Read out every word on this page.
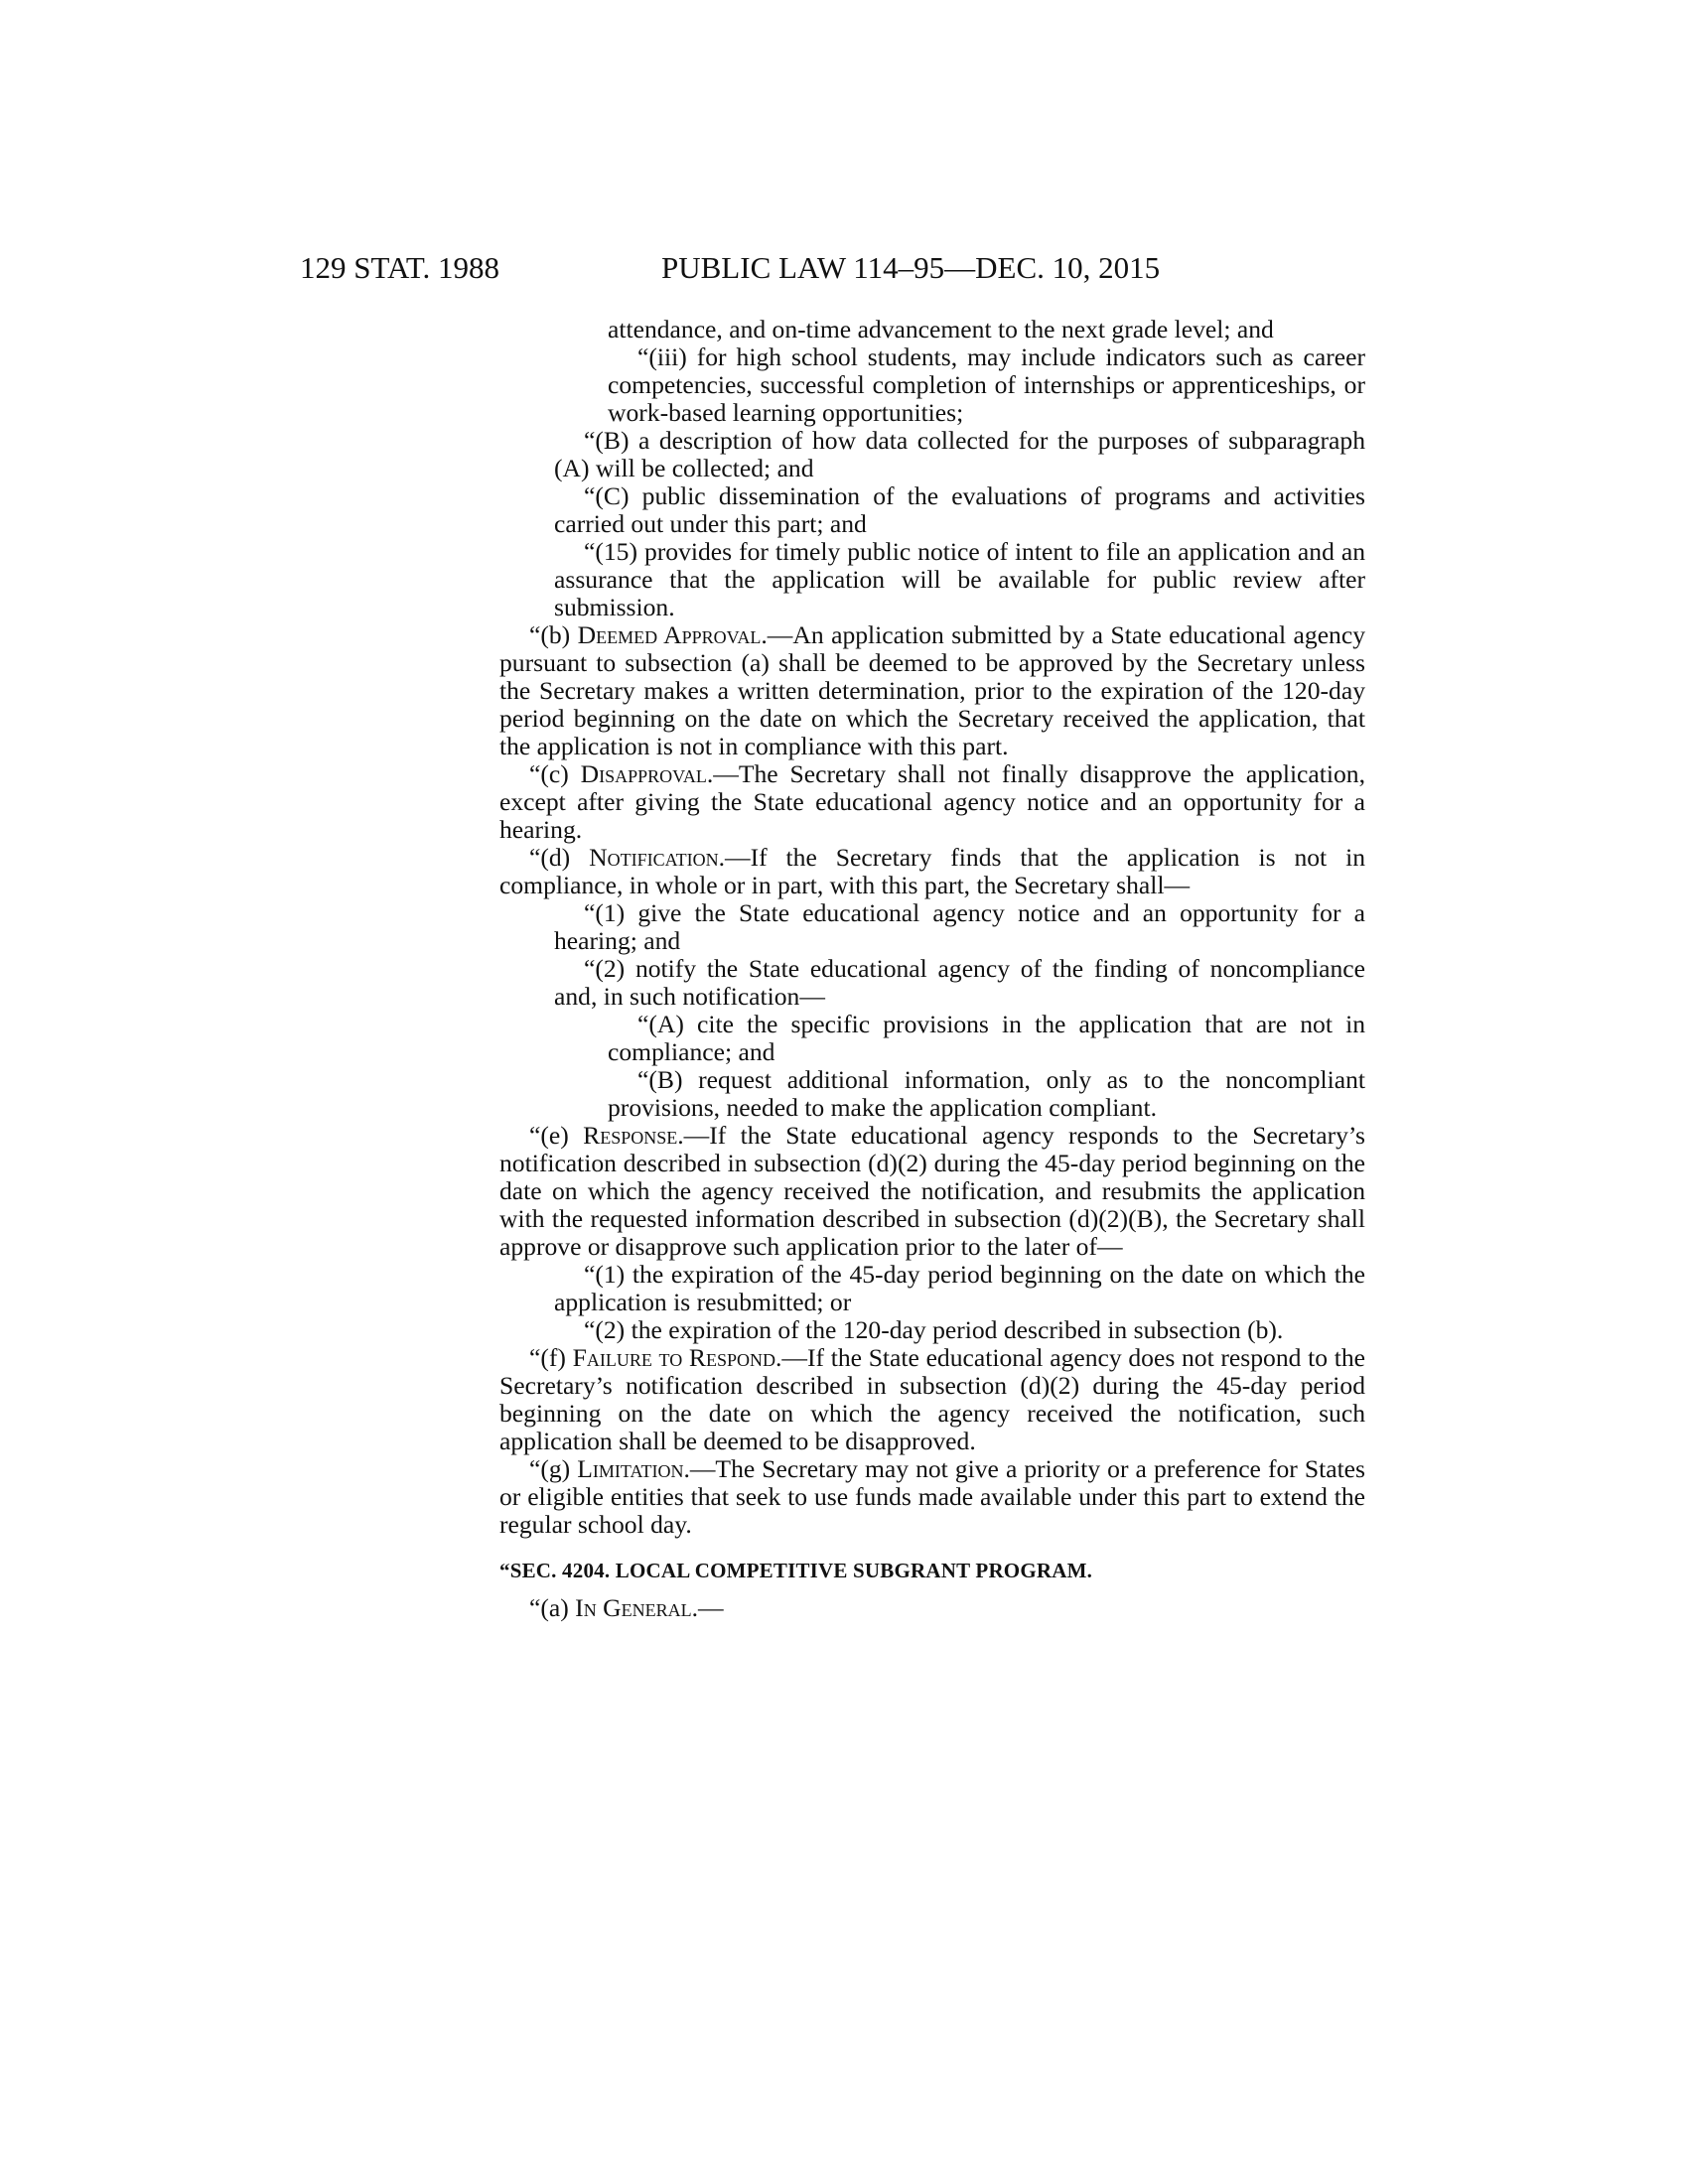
129 STAT. 1988	PUBLIC LAW 114–95—DEC. 10, 2015

attendance, and on-time advancement to the next grade level; and

“(iii) for high school students, may include indicators such as career competencies, successful completion of internships or apprenticeships, or work-based learning opportunities;

“(B) a description of how data collected for the purposes of subparagraph (A) will be collected; and

“(C) public dissemination of the evaluations of programs and activities carried out under this part; and

“(15) provides for timely public notice of intent to file an application and an assurance that the application will be available for public review after submission.

“(b) Deemed Approval.—An application submitted by a State educational agency pursuant to subsection (a) shall be deemed to be approved by the Secretary unless the Secretary makes a written determination, prior to the expiration of the 120-day period beginning on the date on which the Secretary received the application, that the application is not in compliance with this part.

“(c) Disapproval.—The Secretary shall not finally disapprove the application, except after giving the State educational agency notice and an opportunity for a hearing.

“(d) Notification.—If the Secretary finds that the application is not in compliance, in whole or in part, with this part, the Secretary shall—

“(1) give the State educational agency notice and an opportunity for a hearing; and

“(2) notify the State educational agency of the finding of noncompliance and, in such notification—

“(A) cite the specific provisions in the application that are not in compliance; and

“(B) request additional information, only as to the noncompliant provisions, needed to make the application compliant.

“(e) Response.—If the State educational agency responds to the Secretary’s notification described in subsection (d)(2) during the 45-day period beginning on the date on which the agency received the notification, and resubmits the application with the requested information described in subsection (d)(2)(B), the Secretary shall approve or disapprove such application prior to the later of—

“(1) the expiration of the 45-day period beginning on the date on which the application is resubmitted; or

“(2) the expiration of the 120-day period described in subsection (b).

“(f) Failure to Respond.—If the State educational agency does not respond to the Secretary’s notification described in subsection (d)(2) during the 45-day period beginning on the date on which the agency received the notification, such application shall be deemed to be disapproved.

“(g) Limitation.—The Secretary may not give a priority or a preference for States or eligible entities that seek to use funds made available under this part to extend the regular school day.

“SEC. 4204. LOCAL COMPETITIVE SUBGRANT PROGRAM.

“(a) In General.—
